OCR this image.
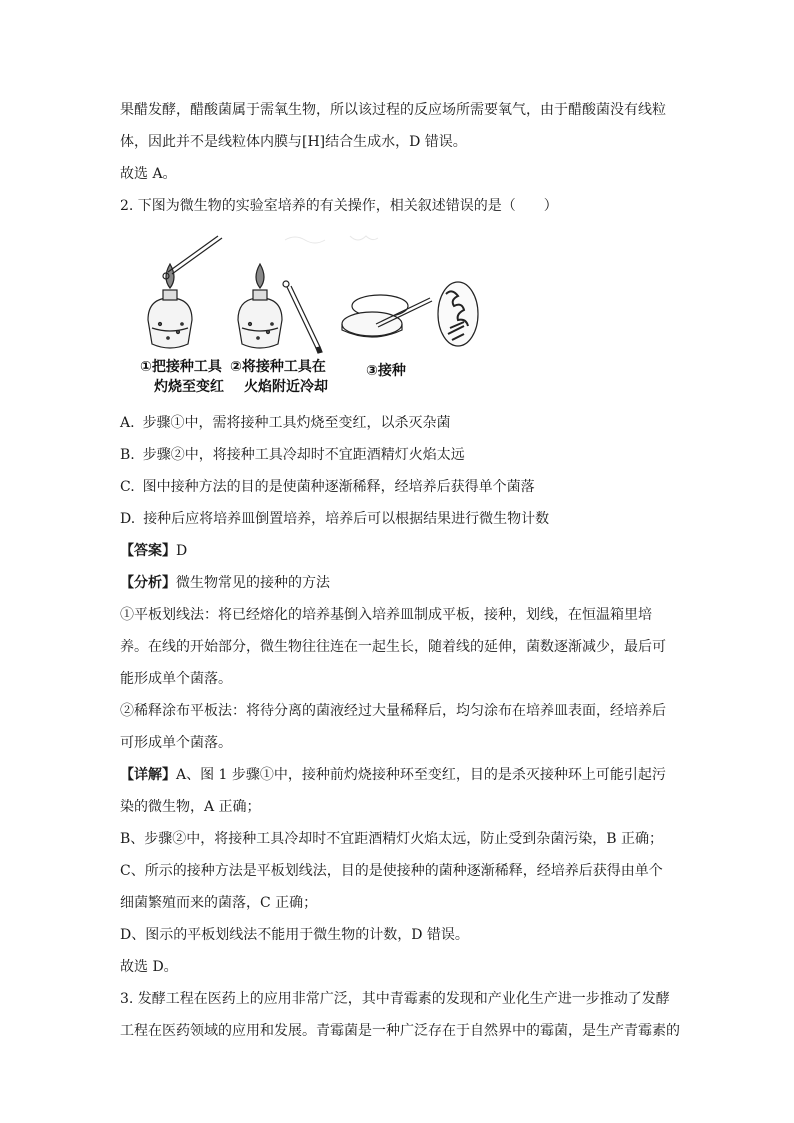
果醋发酵，醋酸菌属于需氧生物，所以该过程的反应场所需要氧气，由于醋酸菌没有线粒
体，因此并不是线粒体内膜与[H]结合生成水，D 错误。
故选 A。
2. 下图为微生物的实验室培养的有关操作，相关叙述错误的是（　　）
①把接种工具
灼烧至变红
②将接种工具在
火焰附近冷却
③接种
A. 步骤①中，需将接种工具灼烧至变红，以杀灭杂菌
B. 步骤②中，将接种工具冷却时不宜距酒精灯火焰太远
C. 图中接种方法的目的是使菌种逐渐稀释，经培养后获得单个菌落
D. 接种后应将培养皿倒置培养，培养后可以根据结果进行微生物计数
【答案】D
【分析】微生物常见的接种的方法
①平板划线法：将已经熔化的培养基倒入培养皿制成平板，接种，划线，在恒温箱里培
养。在线的开始部分，微生物往往连在一起生长，随着线的延伸，菌数逐渐减少，最后可
能形成单个菌落。
②稀释涂布平板法：将待分离的菌液经过大量稀释后，均匀涂布在培养皿表面，经培养后
可形成单个菌落。
【详解】A、图 1 步骤①中，接种前灼烧接种环至变红，目的是杀灭接种环上可能引起污
染的微生物，A 正确；
B、步骤②中，将接种工具冷却时不宜距酒精灯火焰太远，防止受到杂菌污染，B 正确；
C、所示的接种方法是平板划线法，目的是使接种的菌种逐渐稀释，经培养后获得由单个
细菌繁殖而来的菌落，C 正确；
D、图示的平板划线法不能用于微生物的计数，D 错误。
故选 D。
3. 发酵工程在医药上的应用非常广泛，其中青霉素的发现和产业化生产进一步推动了发酵
工程在医药领域的应用和发展。青霉菌是一种广泛存在于自然界中的霉菌，是生产青霉素的
